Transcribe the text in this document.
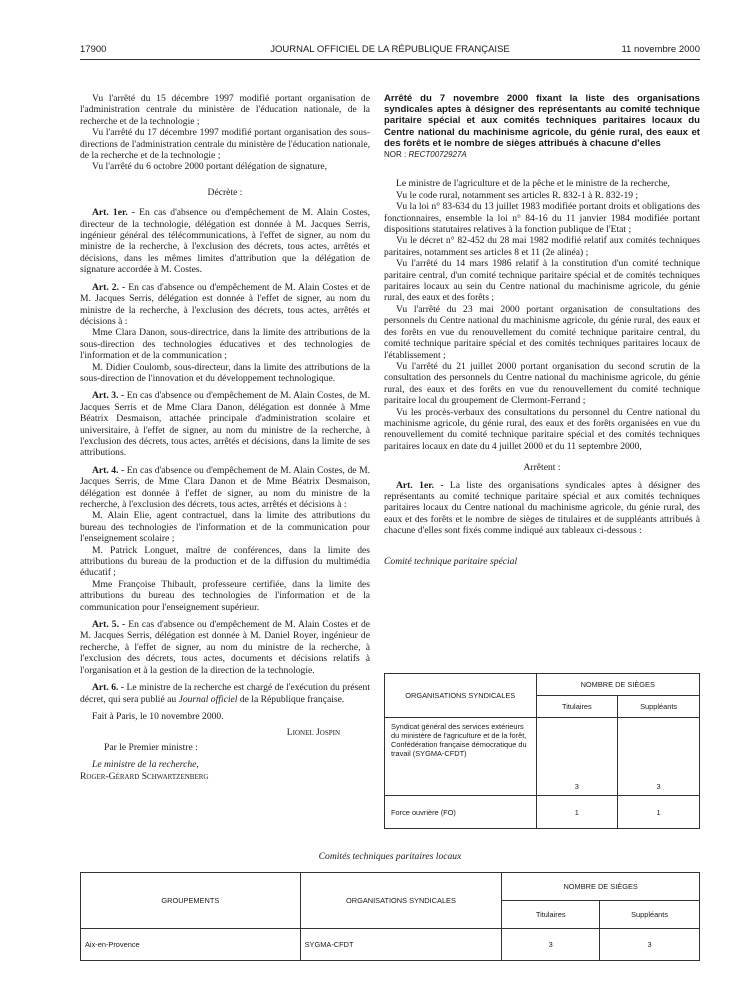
17900	JOURNAL OFFICIEL DE LA RÉPUBLIQUE FRANÇAISE	11 novembre 2000

Vu l'arrêté du 15 décembre 1997 modifié portant organisation de l'administration centrale du ministère de l'éducation nationale, de la recherche et de la technologie ;

Vu l'arrêté du 17 décembre 1997 modifié portant organisation des sous-directions de l'administration centrale du ministère de l'éducation nationale, de la recherche et de la technologie ;

Vu l'arrêté du 6 octobre 2000 portant délégation de signature,

Décrète :

Art. 1er. - En cas d'absence ou d'empêchement de M. Alain Costes, directeur de la technologie, délégation est donnée à M. Jacques Serris, ingénieur général des télécommunications, à l'effet de signer, au nom du ministre de la recherche, à l'exclusion des décrets, tous actes, arrêtés et décisions, dans les mêmes limites d'attribution que la délégation de signature accordée à M. Costes.

Art. 2. - En cas d'absence ou d'empêchement de M. Alain Costes et de M. Jacques Serris, délégation est donnée à l'effet de signer, au nom du ministre de la recherche, à l'exclusion des décrets, tous actes, arrêtés et décisions à :

Mme Clara Danon, sous-directrice, dans la limite des attributions de la sous-direction des technologies éducatives et des technologies de l'information et de la communication ;

M. Didier Coulomb, sous-directeur, dans la limite des attributions de la sous-direction de l'innovation et du développement technologique.

Art. 3. - En cas d'absence ou d'empêchement de M. Alain Costes, de M. Jacques Serris et de Mme Clara Danon, délégation est donnée à Mme Béatrix Desmaison, attachée principale d'administration scolaire et universitaire, à l'effet de signer, au nom du ministre de la recherche, à l'exclusion des décrets, tous actes, arrêtés et décisions, dans la limite de ses attributions.

Art. 4. - En cas d'absence ou d'empêchement de M. Alain Costes, de M. Jacques Serris, de Mme Clara Danon et de Mme Béatrix Desmaison, délégation est donnée à l'effet de signer, au nom du ministre de la recherche, à l'exclusion des décrets, tous actes, arrêtés et décisions à :

M. Alain Elie, agent contractuel, dans la limite des attributions du bureau des technologies de l'information et de la communication pour l'enseignement scolaire ;

M. Patrick Longuet, maître de conférences, dans la limite des attributions du bureau de la production et de la diffusion du multimédia éducatif ;

Mme Françoise Thibault, professeure certifiée, dans la limite des attributions du bureau des technologies de l'information et de la communication pour l'enseignement supérieur.

Art. 5. - En cas d'absence ou d'empêchement de M. Alain Costes et de M. Jacques Serris, délégation est donnée à M. Daniel Royer, ingénieur de recherche, à l'effet de signer, au nom du ministre de la recherche, à l'exclusion des décrets, tous actes, documents et décisions relatifs à l'organisation et à la gestion de la direction de la technologie.

Art. 6. - Le ministre de la recherche est chargé de l'exécution du présent décret, qui sera publié au Journal officiel de la République française.

Fait à Paris, le 10 novembre 2000.

Lionel Jospin

Par le Premier ministre :

Le ministre de la recherche,

Roger-Gérard Schwartzenberg

Arrêté du 7 novembre 2000 fixant la liste des organisations syndicales aptes à désigner des représentants au comité technique paritaire spécial et aux comités techniques paritaires locaux du Centre national du machinisme agricole, du génie rural, des eaux et des forêts et le nombre de sièges attribués à chacune d'elles

NOR : RECT0072927A

Le ministre de l'agriculture et de la pêche et le ministre de la recherche,

Vu le code rural, notamment ses articles R. 832-1 à R. 832-19 ;

Vu la loi n° 83-634 du 13 juillet 1983 modifiée portant droits et obligations des fonctionnaires, ensemble la loi n° 84-16 du 11 janvier 1984 modifiée portant dispositions statutaires relatives à la fonction publique de l'Etat ;

Vu le décret n° 82-452 du 28 mai 1982 modifié relatif aux comités techniques paritaires, notamment ses articles 8 et 11 (2e alinéa) ;

Vu l'arrêté du 14 mars 1986 relatif à la constitution d'un comité technique paritaire central, d'un comité technique paritaire spécial et de comités techniques paritaires locaux au sein du Centre national du machinisme agricole, du génie rural, des eaux et des forêts ;

Vu l'arrêté du 23 mai 2000 portant organisation de consultations des personnels du Centre national du machinisme agricole, du génie rural, des eaux et des forêts en vue du renouvellement du comité technique paritaire central, du comité technique paritaire spécial et des comités techniques paritaires locaux de l'établissement ;

Vu l'arrêté du 21 juillet 2000 portant organisation du second scrutin de la consultation des personnels du Centre national du machinisme agricole, du génie rural, des eaux et des forêts en vue du renouvellement du comité technique paritaire local du groupement de Clermont-Ferrand ;

Vu les procès-verbaux des consultations du personnel du Centre national du machinisme agricole, du génie rural, des eaux et des forêts organisées en vue du renouvellement du comité technique paritaire spécial et des comités techniques paritaires locaux en date du 4 juillet 2000 et du 11 septembre 2000,

Arrêtent :

Art. 1er. - La liste des organisations syndicales aptes à désigner des représentants au comité technique paritaire spécial et aux comités techniques paritaires locaux du Centre national du machinisme agricole, du génie rural, des eaux et des forêts et le nombre de sièges de titulaires et de suppléants attribués à chacune d'elles sont fixés comme indiqué aux tableaux ci-dessous :

Comité technique paritaire spécial

ORGANISATIONS SYNDICALES	NOMBRE DE SIÈGES	
	Titulaires	Suppléants
Syndicat général des services extérieurs du ministère de l'agriculture et de la forêt, Confédération française démocratique du travail (SYGMA-CFDT)	3	3
Force ouvrière (FO)	1	1
Comités techniques paritaires locaux
GROUPEMENTS	ORGANISATIONS SYNDICALES	NOMBRE DE SIÈGES	
		Titulaires	Suppléants
Aix-en-Provence	SYGMA-CFDT	3	3
